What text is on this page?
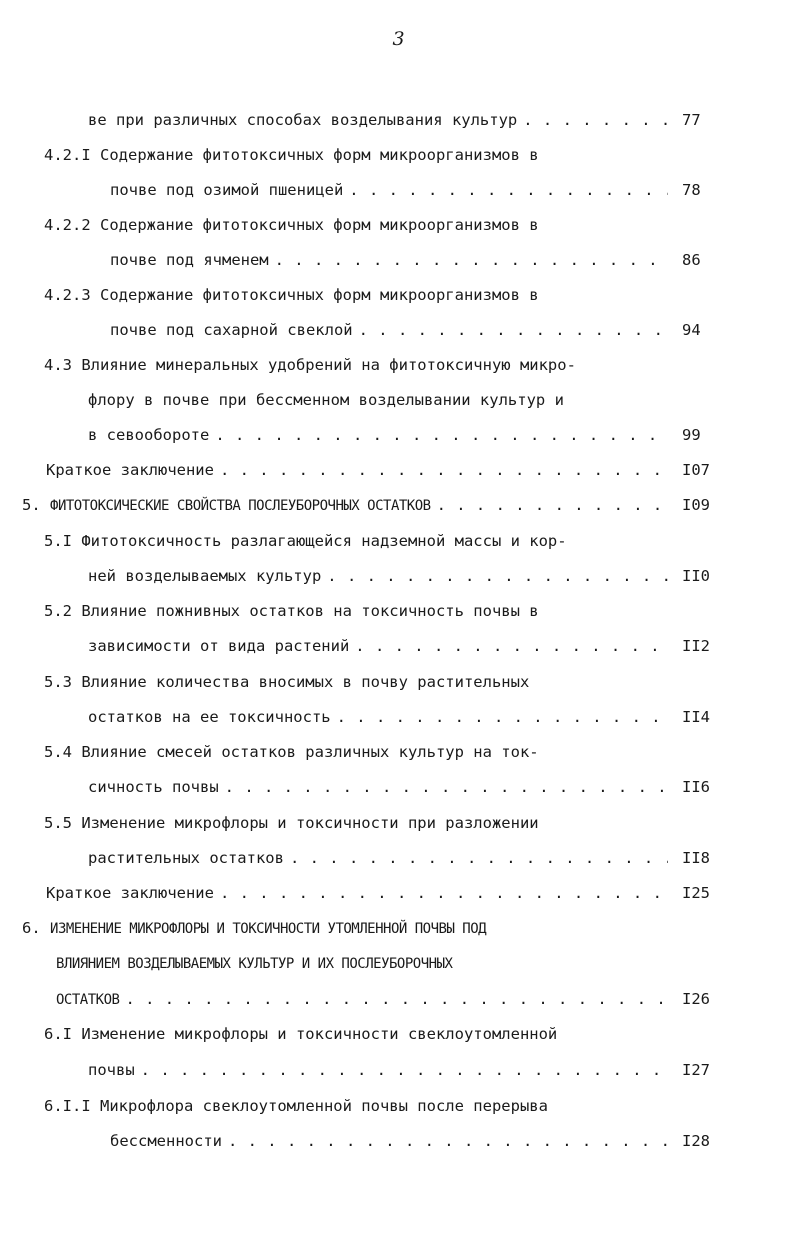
3
ве при различных способах возделывания культур . . .	77
4.2.I Содержание фитотоксичных форм микроорганизмов в
почве под озимой пшеницей . . .	78
4.2.2 Содержание фитотоксичных форм микроорганизмов в
почве под ячменем . . .	86
4.2.3 Содержание фитотоксичных форм микроорганизмов в
почве под сахарной свеклой . . .	94
4.3 Влияние минеральных удобрений на фитотоксичную микро-
флору в почве при бессменном возделывании культур и
в севообороте . . .	99
Краткое заключение . . .	I07
5. ФИТОТОКСИЧЕСКИЕ СВОЙСТВА ПОСЛЕУБОРОЧНЫХ ОСТАТКОВ . . .	I09
5.I Фитотоксичность разлагающейся надземной массы и кор-
ней возделываемых культур . . .	II0
5.2 Влияние пожнивных остатков на токсичность почвы в
зависимости от вида растений . . .	II2
5.3 Влияние количества вносимых в почву растительных
остатков на ее токсичность . . .	II4
5.4 Влияние смесей остатков различных культур на ток-
сичность почвы . . .	II6
5.5 Изменение микрофлоры и токсичности при разложении
растительных остатков . . .	II8
Краткое заключение . . .	I25
6. ИЗМЕНЕНИЕ МИКРОФЛОРЫ И ТОКСИЧНОСТИ УТОМЛЕННОЙ ПОЧВЫ ПОД
ВЛИЯНИЕМ ВОЗДЕЛЫВАЕМЫХ КУЛЬТУР И ИХ ПОСЛЕУБОРОЧНЫХ
ОСТАТКОВ . . .	I26
6.I Изменение микрофлоры и токсичности свеклоутомленной
почвы . . .	I27
6.I.I Микрофлора свеклоутомленной почвы после перерыва
бессменности . . .	I28
